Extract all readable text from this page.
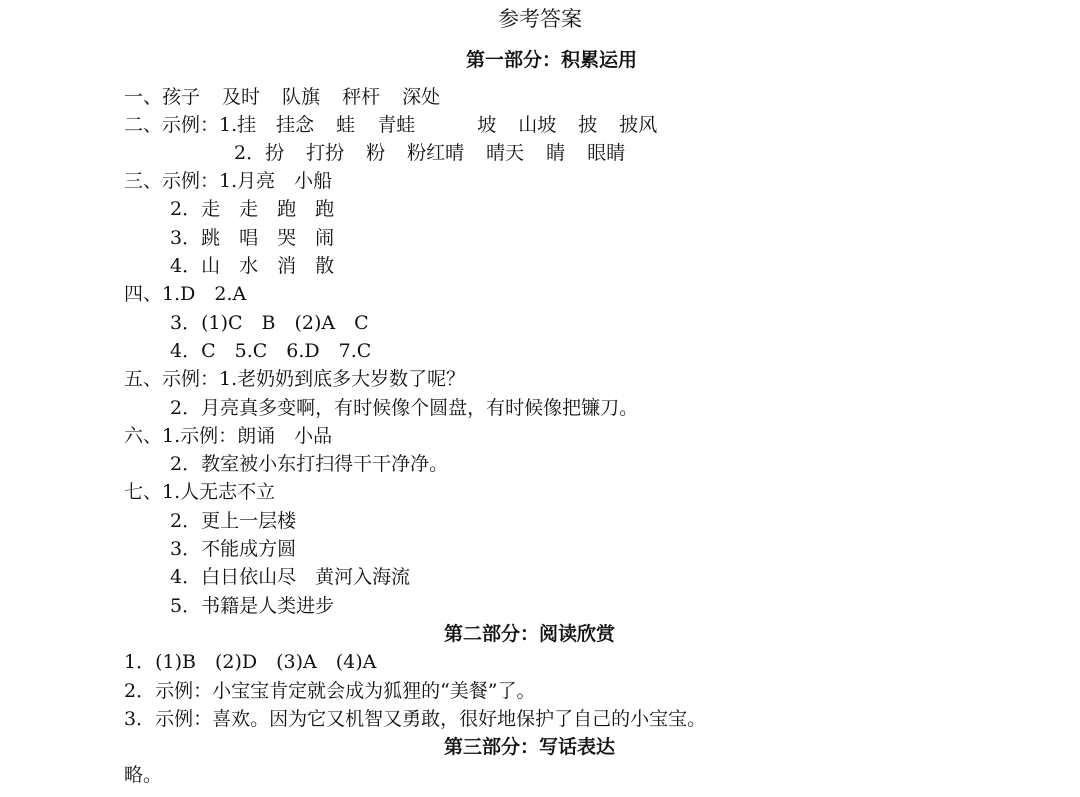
参考答案
第一部分：积累运用
一、孩子 及时 队旗 秤杆 深处
二、示例：1.挂 挂念 蛙 青蛙	坡 山坡 披 披风
2．扮 打扮 粉 粉红晴 晴天 睛 眼睛
三、示例：1.月亮　小船
2．走　走　跑　跑
3．跳　唱　哭　闹
4．山　水　消　散
四、1.D　2.A
3．(1)C　B　(2)A　C
4．C　5.C　6.D　7.C
五、示例：1.老奶奶到底多大岁数了呢？
2．月亮真多变啊，有时候像个圆盘，有时候像把镰刀。
六、1.示例：朗诵　小品
2．教室被小东打扫得干干净净。
七、1.人无志不立
2．更上一层楼
3．不能成方圆
4．白日依山尽　黄河入海流
5．书籍是人类进步
第二部分：阅读欣赏
1．(1)B　(2)D　(3)A　(4)A
2．示例：小宝宝肯定就会成为狐狸的“美餐”了。
3．示例：喜欢。因为它又机智又勇敢，很好地保护了自己的小宝宝。
第三部分：写话表达
略。
